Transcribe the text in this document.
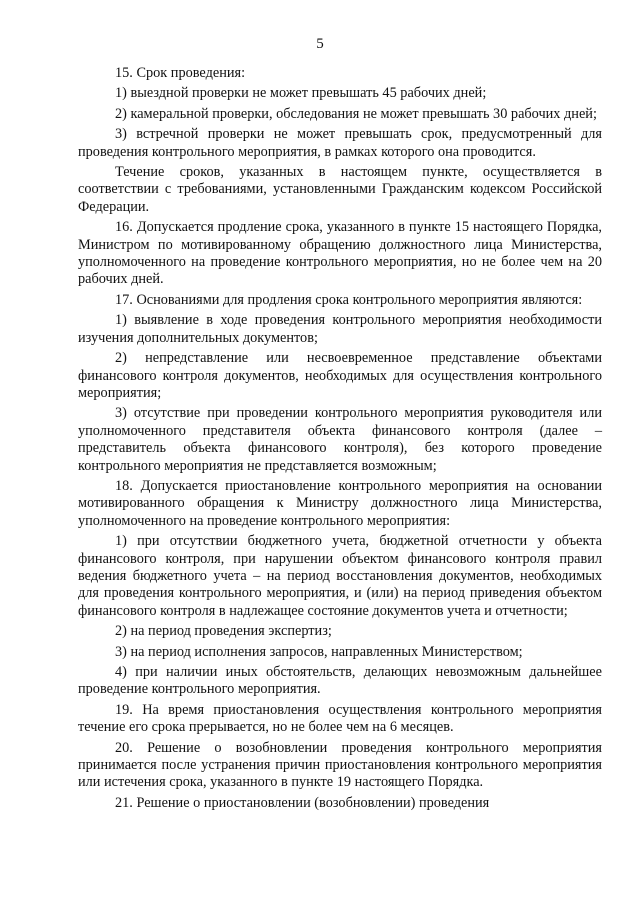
5

15. Срок проведения:

1) выездной проверки не может превышать 45 рабочих дней;

2) камеральной проверки, обследования не может превышать 30 рабочих дней;

3) встречной проверки не может превышать срок, предусмотренный для проведения контрольного мероприятия, в рамках которого она проводится.

Течение сроков, указанных в настоящем пункте, осуществляется в соответствии с требованиями, установленными Гражданским кодексом Российской Федерации.

16. Допускается продление срока, указанного в пункте 15 настоящего Порядка, Министром по мотивированному обращению должностного лица Министерства, уполномоченного на проведение контрольного мероприятия, но не более чем на 20 рабочих дней.

17. Основаниями для продления срока контрольного мероприятия являются:

1) выявление в ходе проведения контрольного мероприятия необходимости изучения дополнительных документов;

2) непредставление или несвоевременное представление объектами финансового контроля документов, необходимых для осуществления контрольного мероприятия;

3) отсутствие при проведении контрольного мероприятия руководителя или уполномоченного представителя объекта финансового контроля (далее – представитель объекта финансового контроля), без которого проведение контрольного мероприятия не представляется возможным;

18. Допускается приостановление контрольного мероприятия на основании мотивированного обращения к Министру должностного лица Министерства, уполномоченного на проведение контрольного мероприятия:

1) при отсутствии бюджетного учета, бюджетной отчетности у объекта финансового контроля, при нарушении объектом финансового контроля правил ведения бюджетного учета – на период восстановления документов, необходимых для проведения контрольного мероприятия, и (или) на период приведения объектом финансового контроля в надлежащее состояние документов учета и отчетности;

2) на период проведения экспертиз;

3) на период исполнения запросов, направленных Министерством;

4) при наличии иных обстоятельств, делающих невозможным дальнейшее проведение контрольного мероприятия.

19. На время приостановления осуществления контрольного мероприятия течение его срока прерывается, но не более чем на 6 месяцев.

20. Решение о возобновлении проведения контрольного мероприятия принимается после устранения причин приостановления контрольного мероприятия или истечения срока, указанного в пункте 19 настоящего Порядка.

21. Решение о приостановлении (возобновлении) проведения
